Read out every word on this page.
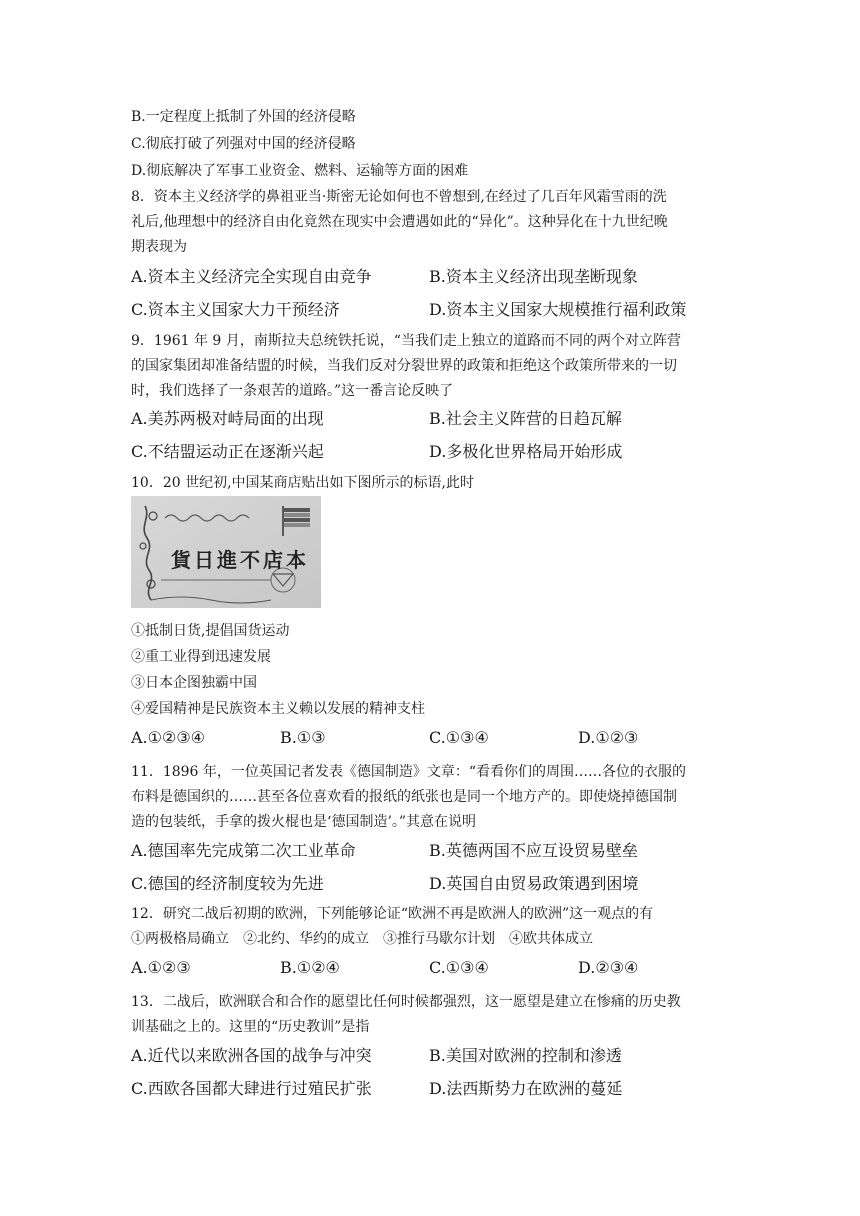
B.一定程度上抵制了外国的经济侵略
C.彻底打破了列强对中国的经济侵略
D.彻底解决了军事工业资金、燃料、运输等方面的困难
8．资本主义经济学的鼻祖亚当·斯密无论如何也不曾想到,在经过了几百年风霜雪雨的洗
礼后,他理想中的经济自由化竟然在现实中会遭遇如此的“异化”。这种异化在十九世纪晚
期表现为
A.资本主义经济完全实现自由竞争	B.资本主义经济出现垄断现象
C.资本主义国家大力干预经济	D.资本主义国家大规模推行福利政策
9．1961 年 9 月，南斯拉夫总统铁托说，“当我们走上独立的道路而不同的两个对立阵营
的国家集团却准备结盟的时候，当我们反对分裂世界的政策和拒绝这个政策所带来的一切
时，我们选择了一条艰苦的道路。”这一番言论反映了
A.美苏两极对峙局面的出现	B.社会主义阵营的日趋瓦解
C.不结盟运动正在逐渐兴起	D.多极化世界格局开始形成
10．20 世纪初,中国某商店贴出如下图所示的标语,此时
貨日進不店本
①抵制日货,提倡国货运动
②重工业得到迅速发展
③日本企图独霸中国
④爱国精神是民族资本主义赖以发展的精神支柱
A.①②③④	B.①③	C.①③④	D.①②③
11．1896 年，一位英国记者发表《德国制造》文章：“看看你们的周围……各位的衣服的
布料是德国织的……甚至各位喜欢看的报纸的纸张也是同一个地方产的。即使烧掉德国制
造的包装纸，手拿的拨火棍也是‘德国制造’。”其意在说明
A.德国率先完成第二次工业革命	B.英德两国不应互设贸易壁垒
C.德国的经济制度较为先进	D.英国自由贸易政策遇到困境
12．研究二战后初期的欧洲，下列能够论证“欧洲不再是欧洲人的欧洲”这一观点的有
①两极格局确立　②北约、华约的成立　③推行马歇尔计划　④欧共体成立
A.①②③	B.①②④	C.①③④	D.②③④
13．二战后，欧洲联合和合作的愿望比任何时候都强烈，这一愿望是建立在惨痛的历史教
训基础之上的。这里的“历史教训”是指
A.近代以来欧洲各国的战争与冲突	B.美国对欧洲的控制和渗透
C.西欧各国都大肆进行过殖民扩张	D.法西斯势力在欧洲的蔓延
